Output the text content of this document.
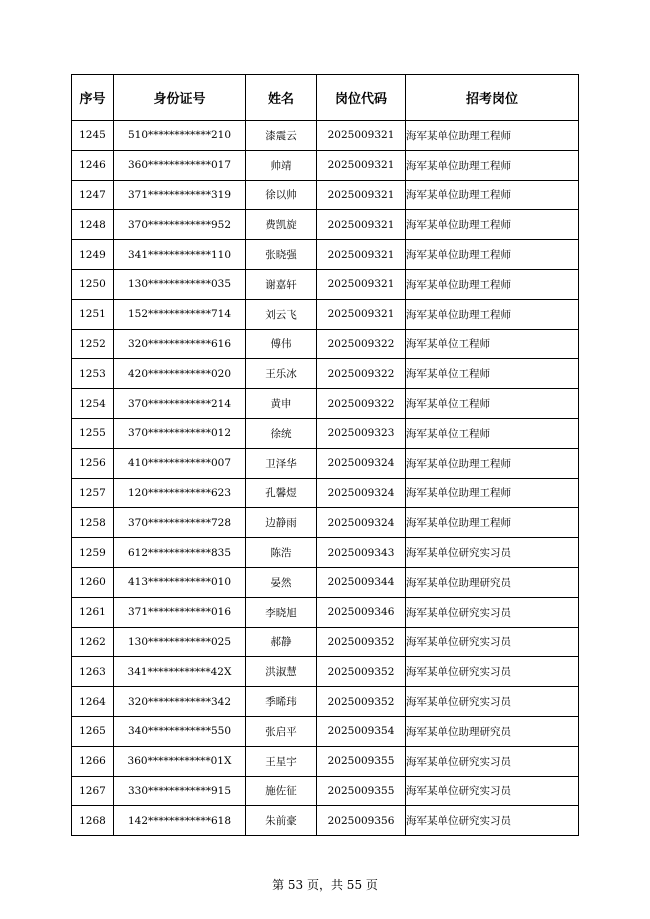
序号	身份证号	姓名	岗位代码	招考岗位
1245	510************210	漆震云	2025009321	海军某单位助理工程师
1246	360************017	帅靖	2025009321	海军某单位助理工程师
1247	371************319	徐以帅	2025009321	海军某单位助理工程师
1248	370************952	费凯旋	2025009321	海军某单位助理工程师
1249	341************110	张晓强	2025009321	海军某单位助理工程师
1250	130************035	谢嘉轩	2025009321	海军某单位助理工程师
1251	152************714	刘云飞	2025009321	海军某单位助理工程师
1252	320************616	傅伟	2025009322	海军某单位工程师
1253	420************020	王乐冰	2025009322	海军某单位工程师
1254	370************214	黄申	2025009322	海军某单位工程师
1255	370************012	徐统	2025009323	海军某单位工程师
1256	410************007	卫泽华	2025009324	海军某单位助理工程师
1257	120************623	孔馨煜	2025009324	海军某单位助理工程师
1258	370************728	边静雨	2025009324	海军某单位助理工程师
1259	612************835	陈浩	2025009343	海军某单位研究实习员
1260	413************010	晏然	2025009344	海军某单位助理研究员
1261	371************016	李晓旭	2025009346	海军某单位研究实习员
1262	130************025	郝静	2025009352	海军某单位研究实习员
1263	341************42X	洪淑慧	2025009352	海军某单位研究实习员
1264	320************342	季晞玮	2025009352	海军某单位研究实习员
1265	340************550	张启平	2025009354	海军某单位助理研究员
1266	360************01X	王星宇	2025009355	海军某单位研究实习员
1267	330************915	施佐征	2025009355	海军某单位研究实习员
1268	142************618	朱前豪	2025009356	海军某单位研究实习员
第 53 页，共 55 页
